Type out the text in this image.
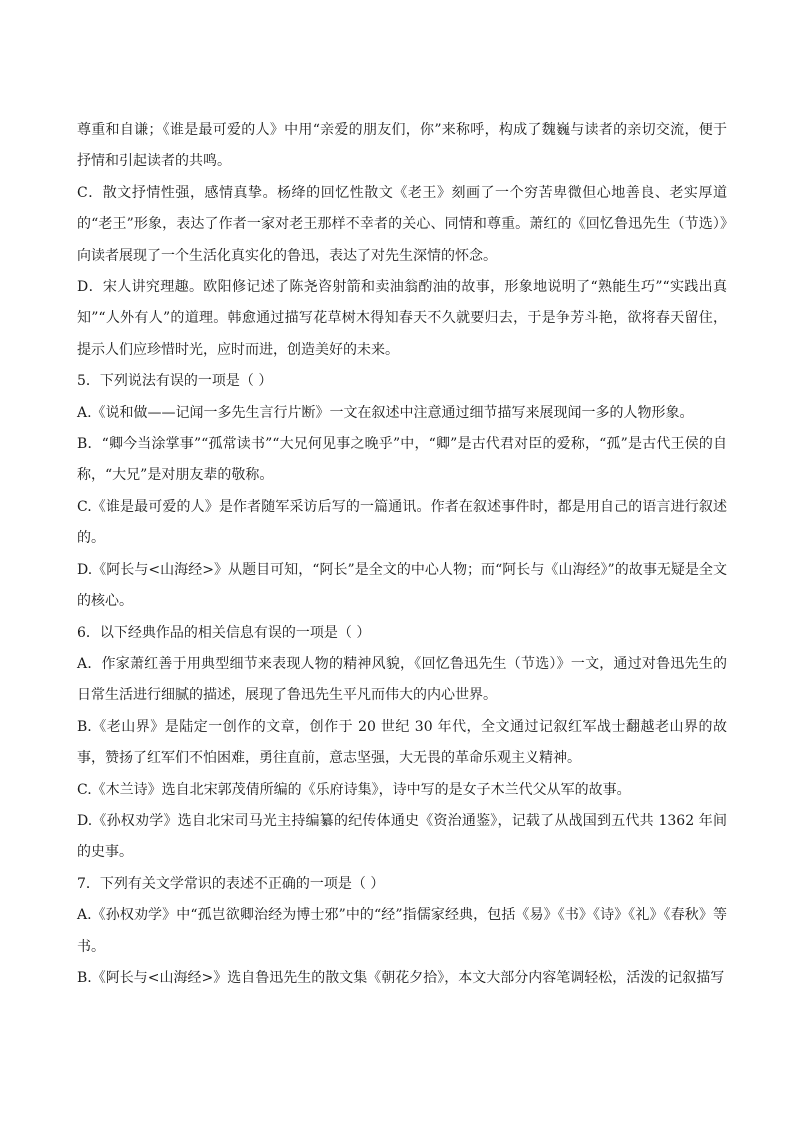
尊重和自谦；《谁是最可爱的人》中用“亲爱的朋友们，你”来称呼，构成了魏巍与读者的亲切交流，便于抒情和引起读者的共鸣。

C．散文抒情性强，感情真挚。杨绛的回忆性散文《老王》刻画了一个穷苦卑微但心地善良、老实厚道的“老王”形象，表达了作者一家对老王那样不幸者的关心、同情和尊重。萧红的《回忆鲁迅先生（节选）》向读者展现了一个生活化真实化的鲁迅，表达了对先生深情的怀念。

D．宋人讲究理趣。欧阳修记述了陈尧咨射箭和卖油翁酌油的故事，形象地说明了“熟能生巧”“实践出真知”“人外有人”的道理。韩愈通过描写花草树木得知春天不久就要归去，于是争芳斗艳，欲将春天留住，提示人们应珍惜时光，应时而进，创造美好的未来。

5．下列说法有误的一项是（ ）

A.《说和做——记闻一多先生言行片断》一文在叙述中注意通过细节描写来展现闻一多的人物形象。

B．“卿今当涂掌事”“孤常读书”“大兄何见事之晚乎”中，“卿”是古代君对臣的爱称，“孤”是古代王侯的自称，“大兄”是对朋友辈的敬称。

C.《谁是最可爱的人》是作者随军采访后写的一篇通讯。作者在叙述事件时，都是用自己的语言进行叙述的。

D.《阿长与<山海经>》从题目可知，“阿长”是全文的中心人物；而“阿长与《山海经》”的故事无疑是全文的核心。

6．以下经典作品的相关信息有误的一项是（ ）

A．作家萧红善于用典型细节来表现人物的精神风貌，《回忆鲁迅先生（节选）》一文，通过对鲁迅先生的日常生活进行细腻的描述，展现了鲁迅先生平凡而伟大的内心世界。

B.《老山界》是陆定一创作的文章，创作于 20 世纪 30 年代，全文通过记叙红军战士翻越老山界的故事，赞扬了红军们不怕困难，勇往直前，意志坚强，大无畏的革命乐观主义精神。

C.《木兰诗》选自北宋郭茂倩所编的《乐府诗集》，诗中写的是女子木兰代父从军的故事。

D.《孙权劝学》选自北宋司马光主持编纂的纪传体通史《资治通鉴》，记载了从战国到五代共 1362 年间的史事。

7．下列有关文学常识的表述不正确的一项是（ ）

A.《孙权劝学》中“孤岂欲卿治经为博士邪”中的“经”指儒家经典，包括《易》《书》《诗》《礼》《春秋》等书。

B.《阿长与<山海经>》选自鲁迅先生的散文集《朝花夕拾》，本文大部分内容笔调轻松，活泼的记叙描写
